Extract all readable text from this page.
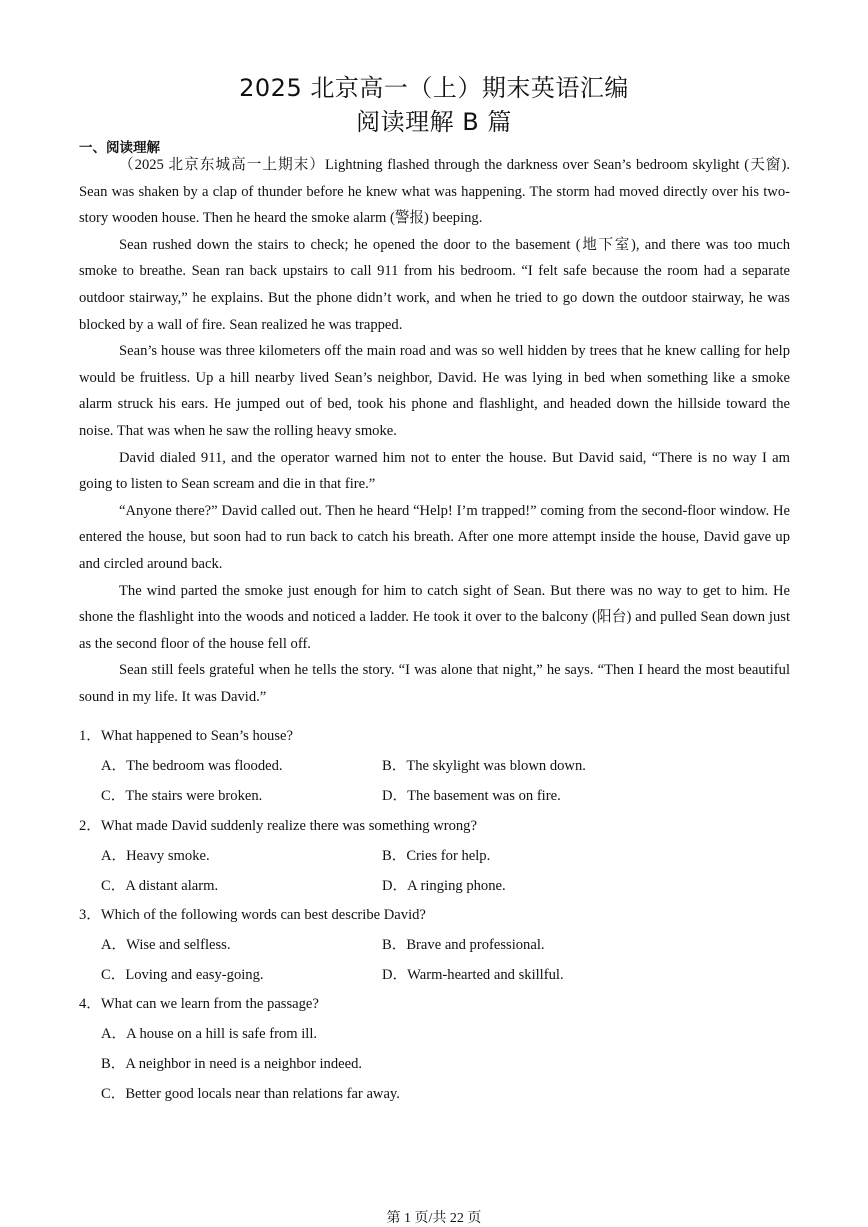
2025 北京高一（上）期末英语汇编
阅读理解 B 篇
一、阅读理解

（2025 北京东城高一上期末）Lightning flashed through the darkness over Sean’s bedroom skylight (天窗). Sean was shaken by a clap of thunder before he knew what was happening. The storm had moved directly over his two-story wooden house. Then he heard the smoke alarm (警报) beeping.

Sean rushed down the stairs to check; he opened the door to the basement (地下室), and there was too much smoke to breathe. Sean ran back upstairs to call 911 from his bedroom. “I felt safe because the room had a separate outdoor stairway,” he explains. But the phone didn’t work, and when he tried to go down the outdoor stairway, he was blocked by a wall of fire. Sean realized he was trapped.

Sean’s house was three kilometers off the main road and was so well hidden by trees that he knew calling for help would be fruitless. Up a hill nearby lived Sean’s neighbor, David. He was lying in bed when something like a smoke alarm struck his ears. He jumped out of bed, took his phone and flashlight, and headed down the hillside toward the noise. That was when he saw the rolling heavy smoke.

David dialed 911, and the operator warned him not to enter the house. But David said, “There is no way I am going to listen to Sean scream and die in that fire.”

“Anyone there?” David called out. Then he heard “Help! I’m trapped!” coming from the second-floor window. He entered the house, but soon had to run back to catch his breath. After one more attempt inside the house, David gave up and circled around back.

The wind parted the smoke just enough for him to catch sight of Sean. But there was no way to get to him. He shone the flashlight into the woods and noticed a ladder. He took it over to the balcony (阳台) and pulled Sean down just as the second floor of the house fell off.

Sean still feels grateful when he tells the story. “I was alone that night,” he says. “Then I heard the most beautiful sound in my life. It was David.”

1．What happened to Sean’s house?
A．The bedroom was flooded.	B．The skylight was blown down.
C．The stairs were broken.	D．The basement was on fire.
2．What made David suddenly realize there was something wrong?
A．Heavy smoke.	B．Cries for help.
C．A distant alarm.	D．A ringing phone.
3．Which of the following words can best describe David?
A．Wise and selfless.	B．Brave and professional.
C．Loving and easy-going.	D．Warm-hearted and skillful.
4．What can we learn from the passage?
A．A house on a hill is safe from ill.
B．A neighbor in need is a neighbor indeed.
C．Better good locals near than relations far away.
第 1 页/共 22 页
